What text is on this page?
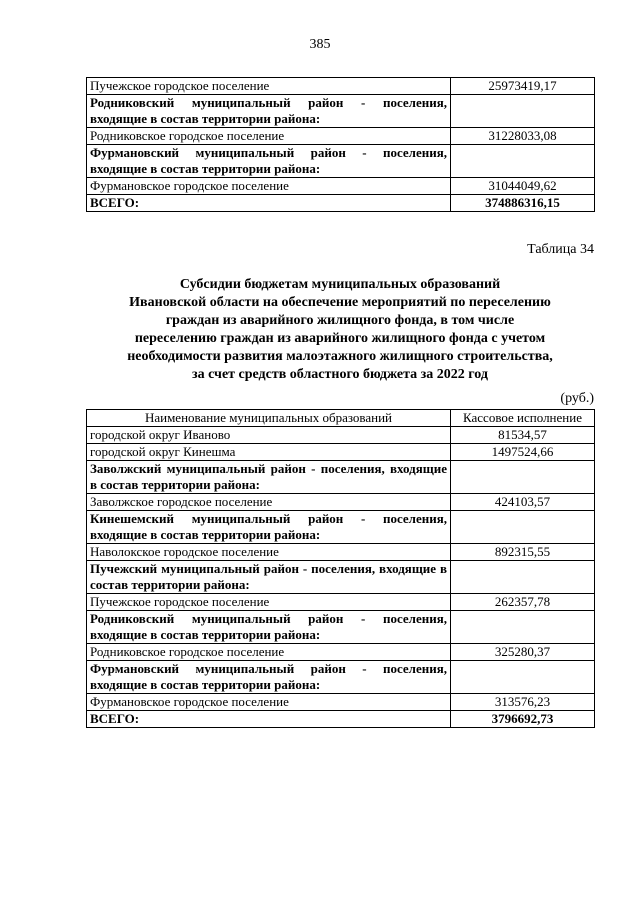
385
Пучежское городское поселение	25973419,17
Родниковский муниципальный район - поселения, входящие в состав территории района:	
Родниковское городское поселение	31228033,08
Фурмановский муниципальный район - поселения, входящие в состав территории района:	
Фурмановское городское поселение	31044049,62
ВСЕГО:	374886316,15
Таблица 34
Субсидии бюджетам муниципальных образований
Ивановской области на обеспечение мероприятий по переселению
граждан из аварийного жилищного фонда, в том числе
переселению граждан из аварийного жилищного фонда с учетом
необходимости развития малоэтажного жилищного строительства,
за счет средств областного бюджета за 2022 год
(руб.)
Наименование муниципальных образований	Кассовое исполнение
городской округ Иваново	81534,57
городской округ Кинешма	1497524,66
Заволжский муниципальный район - поселения, входящие в состав территории района:	
Заволжское городское поселение	424103,57
Кинешемский муниципальный район - поселения, входящие в состав территории района:	
Наволокское городское поселение	892315,55
Пучежский муниципальный район - поселения, входящие в состав территории района:	
Пучежское городское поселение	262357,78
Родниковский муниципальный район - поселения, входящие в состав территории района:	
Родниковское городское поселение	325280,37
Фурмановский муниципальный район - поселения, входящие в состав территории района:	
Фурмановское городское поселение	313576,23
ВСЕГО:	3796692,73
